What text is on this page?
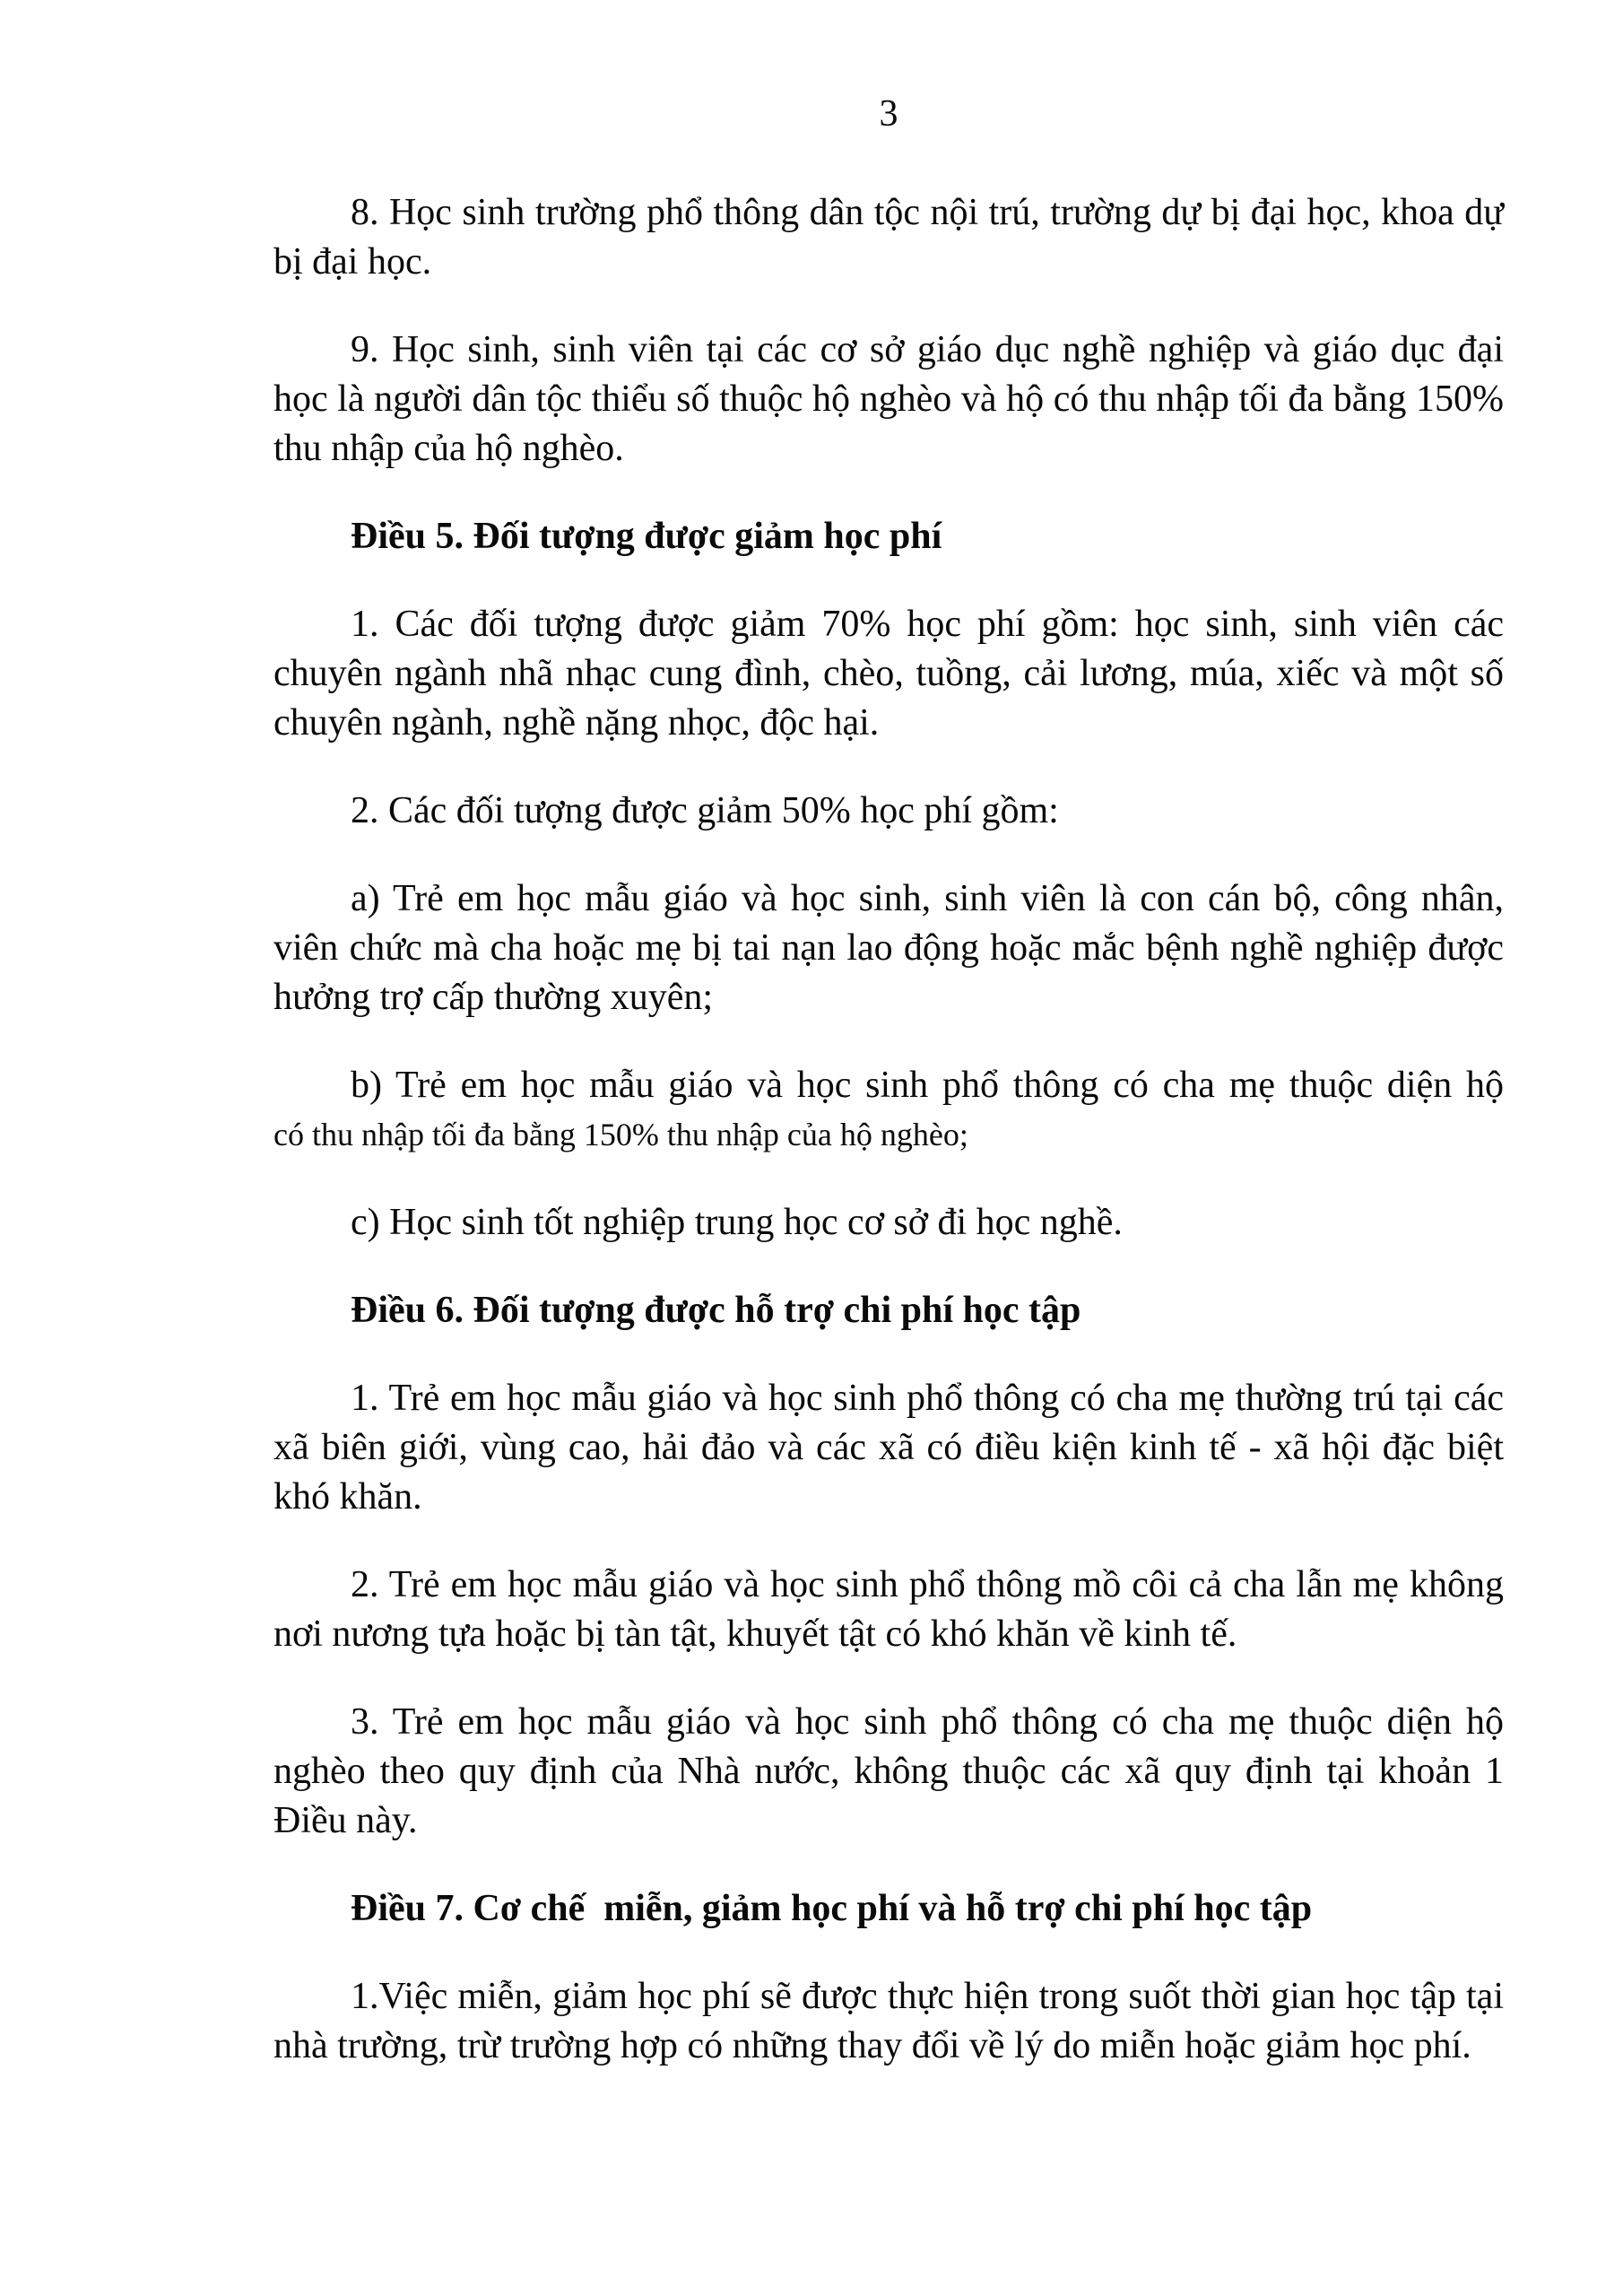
3

8. Học sinh trường phổ thông dân tộc nội trú, trường dự bị đại học, khoa dự bị đại học.

9. Học sinh, sinh viên tại các cơ sở giáo dục nghề nghiệp và giáo dục đại học là người dân tộc thiểu số thuộc hộ nghèo và hộ có thu nhập tối đa bằng 150% thu nhập của hộ nghèo.

Điều 5. Đối tượng được giảm học phí

1. Các đối tượng được giảm 70% học phí gồm: học sinh, sinh viên các chuyên ngành nhã nhạc cung đình, chèo, tuồng, cải lương, múa, xiếc và một số chuyên ngành, nghề nặng nhọc, độc hại.

2. Các đối tượng được giảm 50% học phí gồm:

a) Trẻ em học mẫu giáo và học sinh, sinh viên là con cán bộ, công nhân, viên chức mà cha hoặc mẹ bị tai nạn lao động hoặc mắc bệnh nghề nghiệp được hưởng trợ cấp thường xuyên;

b) Trẻ em học mẫu giáo và học sinh phổ thông có cha mẹ thuộc diện hộ
có thu nhập tối đa bằng 150% thu nhập của hộ nghèo;

c) Học sinh tốt nghiệp trung học cơ sở đi học nghề.

Điều 6. Đối tượng được hỗ trợ chi phí học tập

1. Trẻ em học mẫu giáo và học sinh phổ thông có cha mẹ thường trú tại các xã biên giới, vùng cao, hải đảo và các xã có điều kiện kinh tế - xã hội đặc biệt khó khăn.

2. Trẻ em học mẫu giáo và học sinh phổ thông mồ côi cả cha lẫn mẹ không nơi nương tựa hoặc bị tàn tật, khuyết tật có khó khăn về kinh tế.

3. Trẻ em học mẫu giáo và học sinh phổ thông có cha mẹ thuộc diện hộ nghèo theo quy định của Nhà nước, không thuộc các xã quy định tại khoản 1 Điều này.

Điều 7. Cơ chế  miễn, giảm học phí và hỗ trợ chi phí học tập

1.Việc miễn, giảm học phí sẽ được thực hiện trong suốt thời gian học tập tại nhà trường, trừ trường hợp có những thay đổi về lý do miễn hoặc giảm học phí.
